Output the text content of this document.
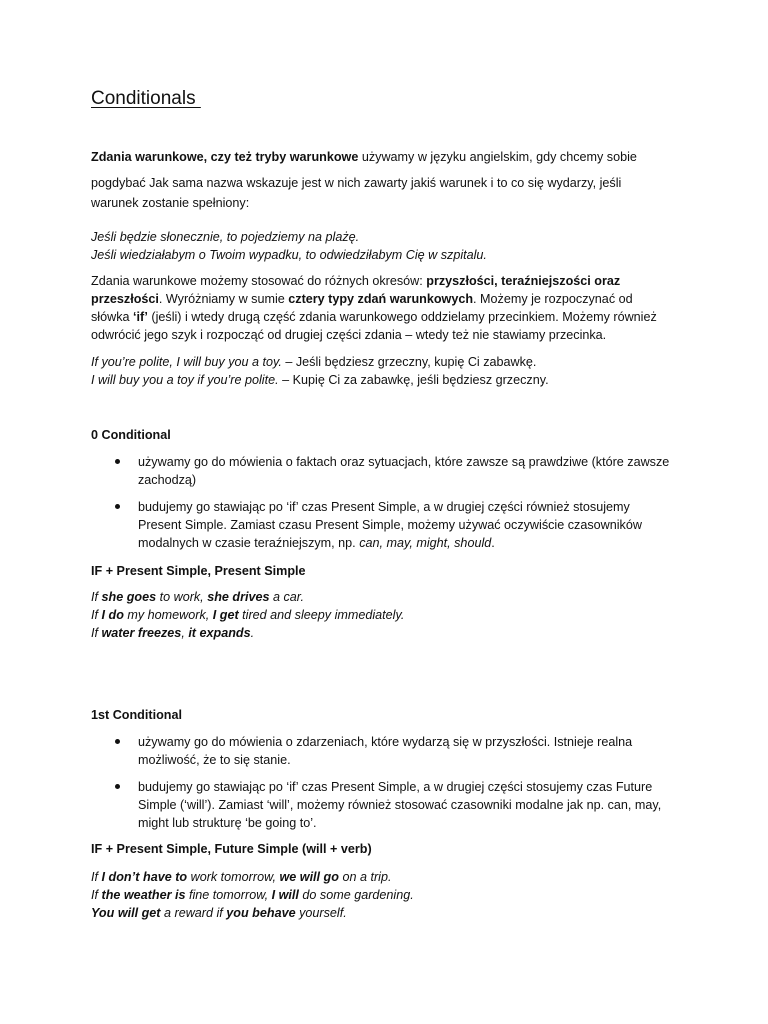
Conditionals
Zdania warunkowe, czy też tryby warunkowe używamy w języku angielskim, gdy chcemy sobie
pogdybać Jak sama nazwa wskazuje jest w nich zawarty jakiś warunek i to co się wydarzy, jeśli
warunek zostanie spełniony:
Jeśli będzie słonecznie, to pojedziemy na plażę.
Jeśli wiedziałabym o Twoim wypadku, to odwiedziłabym Cię w szpitalu.
Zdania warunkowe możemy stosować do różnych okresów: przyszłości, teraźniejszości oraz
przeszłości. Wyróżniamy w sumie cztery typy zdań warunkowych. Możemy je rozpoczynać od
słówka ‘if’ (jeśli) i wtedy drugą część zdania warunkowego oddzielamy przecinkiem. Możemy również
odwrócić jego szyk i rozpocząć od drugiej części zdania – wtedy też nie stawiamy przecinka.
If you’re polite, I will buy you a toy. – Jeśli będziesz grzeczny, kupię Ci zabawkę.
I will buy you a toy if you’re polite. – Kupię Ci za zabawkę, jeśli będziesz grzeczny.
0 Conditional
używamy go do mówienia o faktach oraz sytuacjach, które zawsze są prawdziwe (które zawsze
zachodzą)
budujemy go stawiając po ‘if’ czas Present Simple, a w drugiej części również stosujemy
Present Simple. Zamiast czasu Present Simple, możemy używać oczywiście czasowników
modalnych w czasie teraźniejszym, np. can, may, might, should.
IF + Present Simple, Present Simple
If she goes to work, she drives a car.
If I do my homework, I get tired and sleepy immediately.
If water freezes, it expands.
1st Conditional
używamy go do mówienia o zdarzeniach, które wydarzą się w przyszłości. Istnieje realna
możliwość, że to się stanie.
budujemy go stawiając po ‘if’ czas Present Simple, a w drugiej części stosujemy czas Future
Simple (‘will’). Zamiast ‘will’, możemy również stosować czasowniki modalne jak np. can, may,
might lub strukturę ‘be going to’.
IF + Present Simple, Future Simple (will + verb)
If I don’t have to work tomorrow, we will go on a trip.
If the weather is fine tomorrow, I will do some gardening.
You will get a reward if you behave yourself.
